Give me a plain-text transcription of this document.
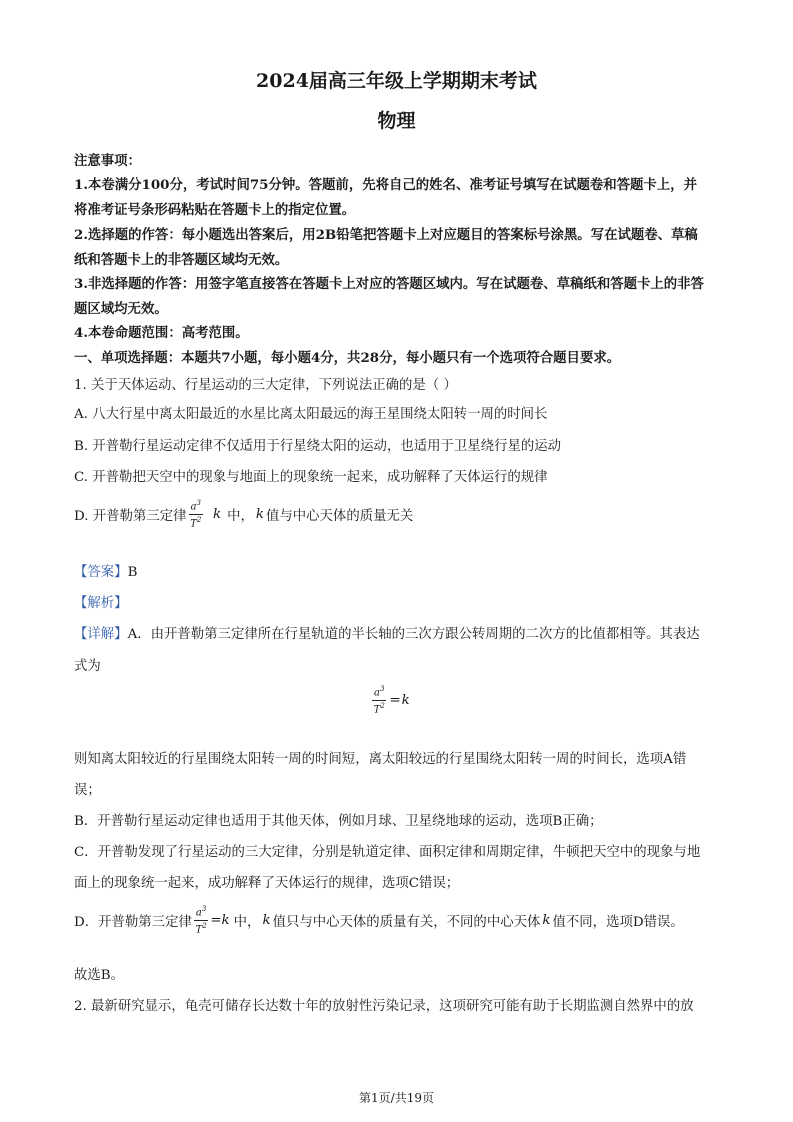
2024届高三年级上学期期末考试
物理
注意事项：
1.本卷满分100分，考试时间75分钟。答题前，先将自己的姓名、准考证号填写在试题卷和答题卡上，并
将准考证号条形码粘贴在答题卡上的指定位置。
2.选择题的作答：每小题选出答案后，用2B铅笔把答题卡上对应题目的答案标号涂黑。写在试题卷、草稿
纸和答题卡上的非答题区域均无效。
3.非选择题的作答：用签字笔直接答在答题卡上对应的答题区域内。写在试题卷、草稿纸和答题卡上的非答
题区域均无效。
4.本卷命题范围：高考范围。
一、单项选择题：本题共7小题，每小题4分，共28分，每小题只有一个选项符合题目要求。
1. 关于天体运动、行星运动的三大定律，下列说法正确的是（ ）
A. 八大行星中离太阳最近的水星比离太阳最远的海王星围绕太阳转一周的时间长
B. 开普勒行星运动定律不仅适用于行星绕太阳的运动，也适用于卫星绕行星的运动
C. 开普勒把天空中的现象与地面上的现象统一起来，成功解释了天体运行的规律
D. 开普勒第三定律 $\frac{a^3}{T^2}$ k 中， k 值与中心天体的质量无关
【答案】B
【解析】
【详解】A．由开普勒第三定律所在行星轨道的半长轴的三次方跟公转周期的二次方的比值都相等。其表达
式为
$\frac{a^3}{T^2} = k$
则知离太阳较近的行星围绕太阳转一周的时间短，离太阳较远的行星围绕太阳转一周的时间长，选项A错
误；
B．开普勒行星运动定律也适用于其他天体，例如月球、卫星绕地球的运动，选项B正确；
C．开普勒发现了行星运动的三大定律，分别是轨道定律、面积定律和周期定律，牛顿把天空中的现象与地
面上的现象统一起来，成功解释了天体运行的规律，选项C错误；
D．开普勒第三定律 $\frac{a^3}{T^2} = k$ 中， k 值只与中心天体的质量有关，不同的中心天体 k 值不同，选项D错误。
故选B。
2. 最新研究显示，龟壳可储存长达数十年的放射性污染记录，这项研究可能有助于长期监测自然界中的放
第1页/共19页
